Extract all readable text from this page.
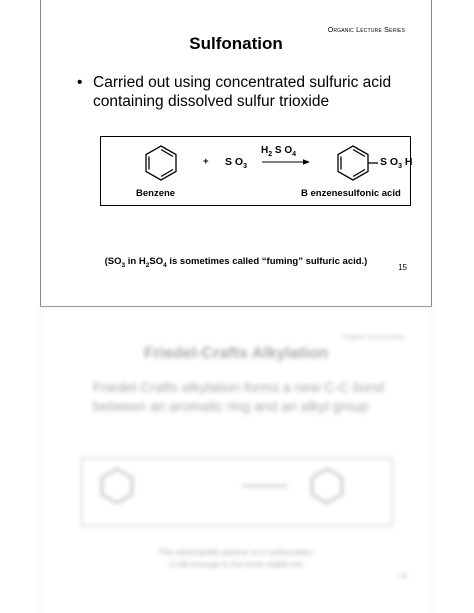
Organic Lecture Series
Sulfonation
• Carried out using concentrated sulfuric acid containing dissolved sulfur trioxide
+ S $O_3$
$H_2$ S $O_4$
S $O_3$ H
Benzene	B enzenesulfonic acid
($SO_3$ in $H_2SO_4$ is sometimes called “fuming” sulfuric acid.)
15
Organic Lecture Series
Friedel-Crafts Alkylation
Friedel-Crafts alkylation forms a new C-C bond between an aromatic ring and an alkyl group
The electrophilic partner is a carbocation;
it will arrange to the most stable ion
16
